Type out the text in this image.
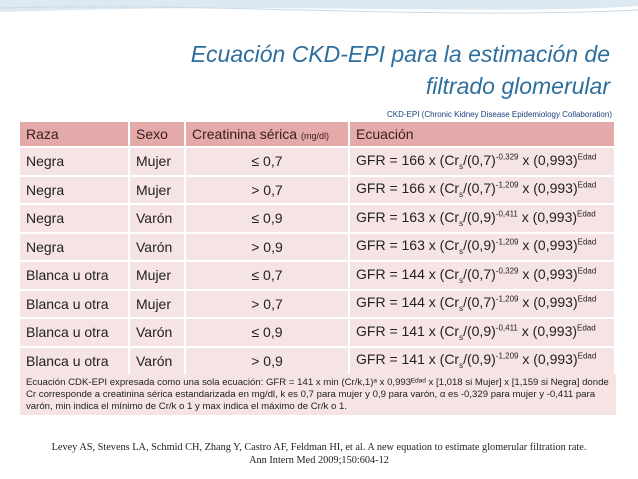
Ecuación CKD-EPI para la estimación de
filtrado glomerular
CKD-EPI (Chronic Kidney Disease Epidemiology Collaboration)
Raza	Sexo	Creatinina sérica (mg/dl)	Ecuación
Negra	Mujer	≤ 0,7	GFR = 166 x ($Cr_s/(0,7)^{-0,329}$ x $(0,993)^{Edad}$
Negra	Mujer	> 0,7	GFR = 166 x ($Cr_s/(0,7)^{-1,209}$ x $(0,993)^{Edad}$
Negra	Varón	≤ 0,9	GFR = 163 x ($Cr_s/(0,9)^{-0,411}$ x $(0,993)^{Edad}$
Negra	Varón	> 0,9	GFR = 163 x ($Cr_s/(0,9)^{-1,209}$ x $(0,993)^{Edad}$
Blanca u otra	Mujer	≤ 0,7	GFR = 144 x ($Cr_s/(0,7)^{-0,329}$ x $(0,993)^{Edad}$
Blanca u otra	Mujer	> 0,7	GFR = 144 x ($Cr_s/(0,7)^{-1,209}$ x $(0,993)^{Edad}$
Blanca u otra	Varón	≤ 0,9	GFR = 141 x ($Cr_s/(0,9)^{-0,411}$ x $(0,993)^{Edad}$
Blanca u otra	Varón	> 0,9	GFR = 141 x ($Cr_s/(0,9)^{-1,209}$ x $(0,993)^{Edad}$
Ecuación CDK-EPI expresada como una sola ecuación: GFR = 141 x min (Cr/k,1)ᵃ x 0,993ᴱᵈᵃᵈ x [1,018 si Mujer] x [1,159 si Negra] donde Cr corresponde a creatinina sérica estandarizada en mg/dl, k es 0,7 para mujer y 0,9 para varón, α es -0,329 para mujer y -0,411 para varón, min indica el mínimo de Cr/k o 1 y max indica el máximo de Cr/k o 1.
Levey AS, Stevens LA, Schmid CH, Zhang Y, Castro AF, Feldman HI, et al. A new equation to estimate glomerular filtration rate.
Ann Intern Med 2009;150:604-12
